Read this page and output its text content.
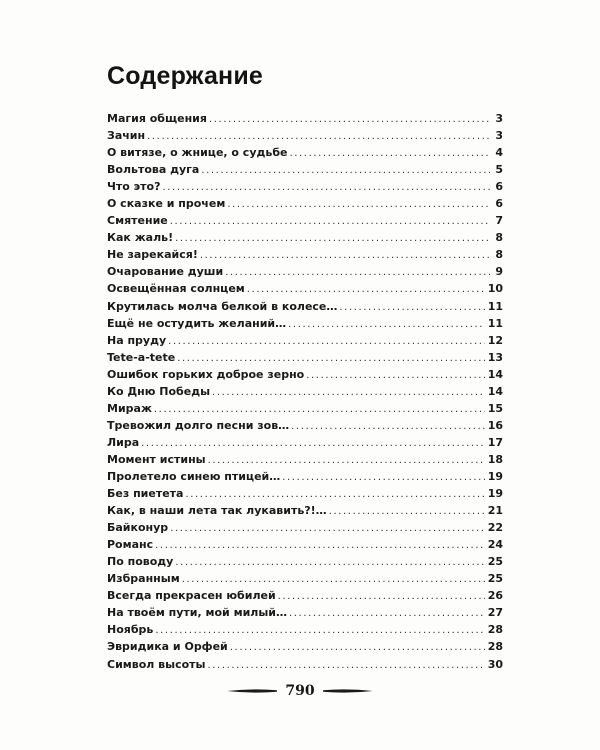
Содержание
Магия общения .....	3
Зачин .....	3
О витязе, о жнице, о судьбе .....	4
Вольтова дуга .....	5
Что это? .....	6
О сказке и прочем .....	6
Смятение .....	7
Как жаль! .....	8
Не зарекайся! .....	8
Очарование души .....	9
Освещённая солнцем .....	10
Крутилась молча белкой в колесе… .....	11
Ещё не остудить желаний… .....	11
На пруду .....	12
Tete-a-tete .....	13
Ошибок горьких доброе зерно .....	14
Ко Дню Победы .....	14
Мираж .....	15
Тревожил долго песни зов… .....	16
Лира .....	17
Момент истины .....	18
Пролетело синею птицей… .....	19
Без пиетета .....	19
Как, в наши лета так лукавить?!… .....	21
Байконур .....	22
Романс .....	24
По поводу .....	25
Избранным .....	25
Всегда прекрасен юбилей .....	26
На твоём пути, мой милый… .....	27
Ноябрь .....	28
Эвридика и Орфей .....	28
Символ высоты .....	30
790
